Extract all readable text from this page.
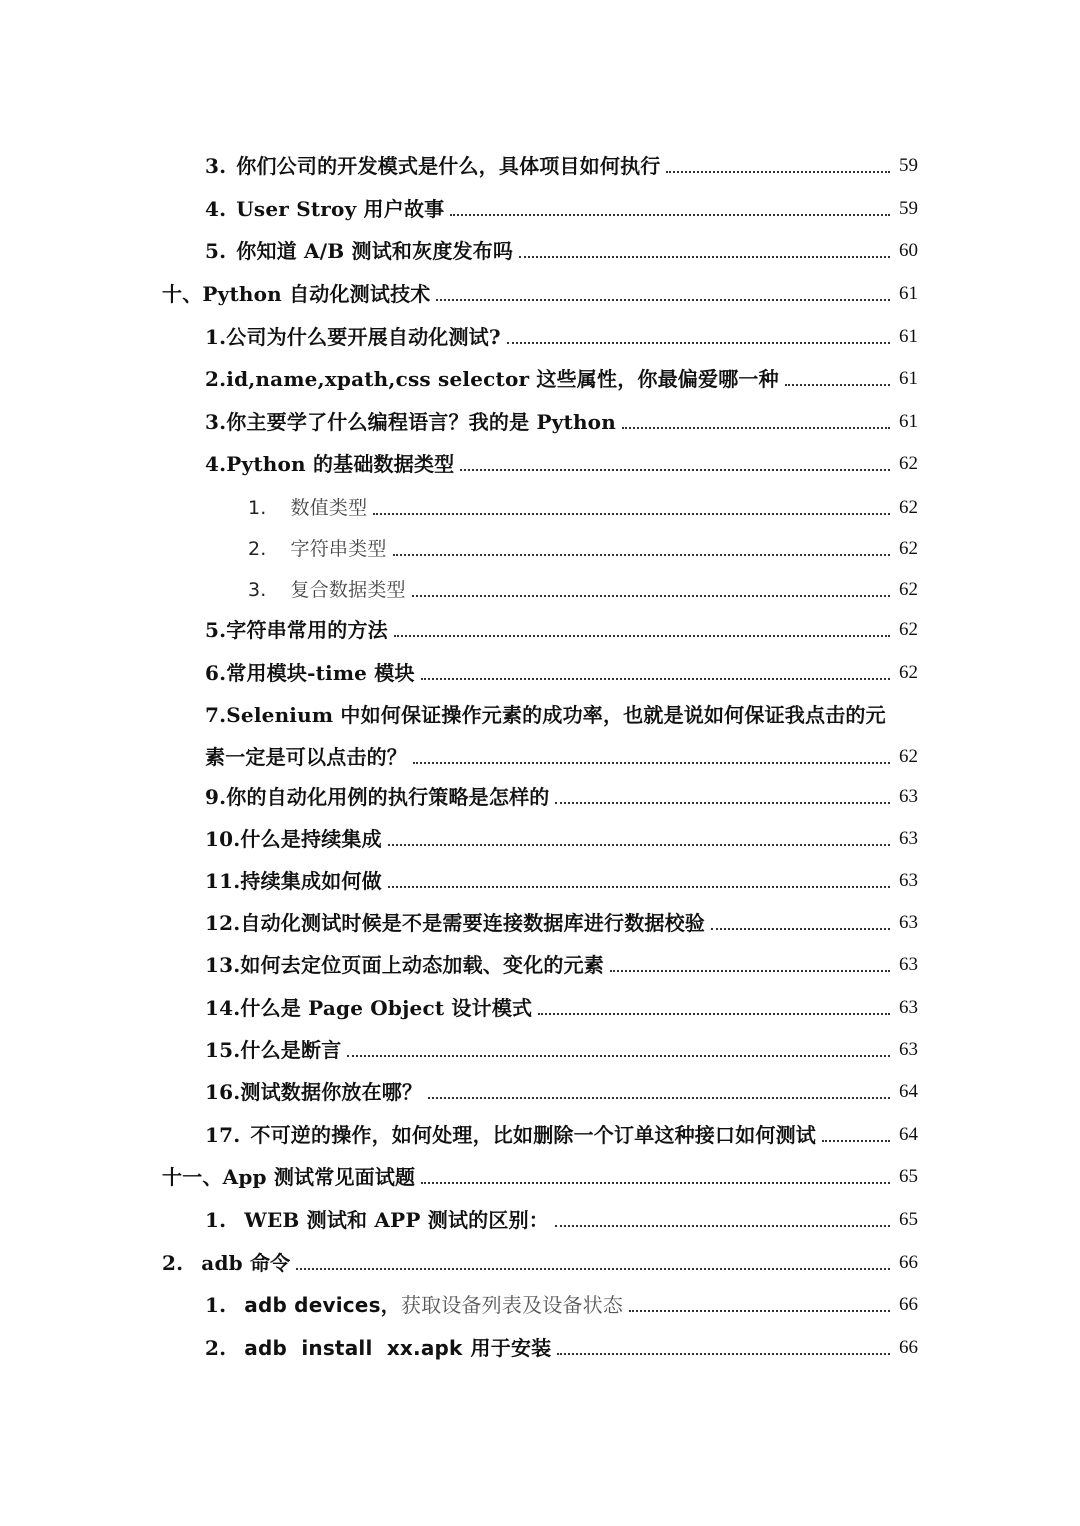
3. 你们公司的开发模式是什么，具体项目如何执行	59
4. User Stroy 用户故事	59
5. 你知道 A/B 测试和灰度发布吗	60
十、Python 自动化测试技术	61
1.公司为什么要开展自动化测试?	61
2.id,name,xpath,css selector 这些属性，你最偏爱哪一种	61
3.你主要学了什么编程语言？我的是 Python	61
4.Python 的基础数据类型	62
1. 数值类型	62
2. 字符串类型	62
3. 复合数据类型	62
5.字符串常用的方法	62
6.常用模块-time 模块	62
7.Selenium 中如何保证操作元素的成功率，也就是说如何保证我点击的元
素一定是可以点击的？	62
9.你的自动化用例的执行策略是怎样的	63
10.什么是持续集成	63
11.持续集成如何做	63
12.自动化测试时候是不是需要连接数据库进行数据校验	63
13.如何去定位页面上动态加载、变化的元素	63
14.什么是 Page Object 设计模式	63
15.什么是断言	63
16.测试数据你放在哪？	64
17. 不可逆的操作，如何处理，比如删除一个订单这种接口如何测试	64
十一、App 测试常见面试题	65
1. WEB 测试和 APP 测试的区别：	65
2. adb 命令	66
1. adb devices，获取设备列表及设备状态	66
2. adb  install  xx.apk 用于安装	66
